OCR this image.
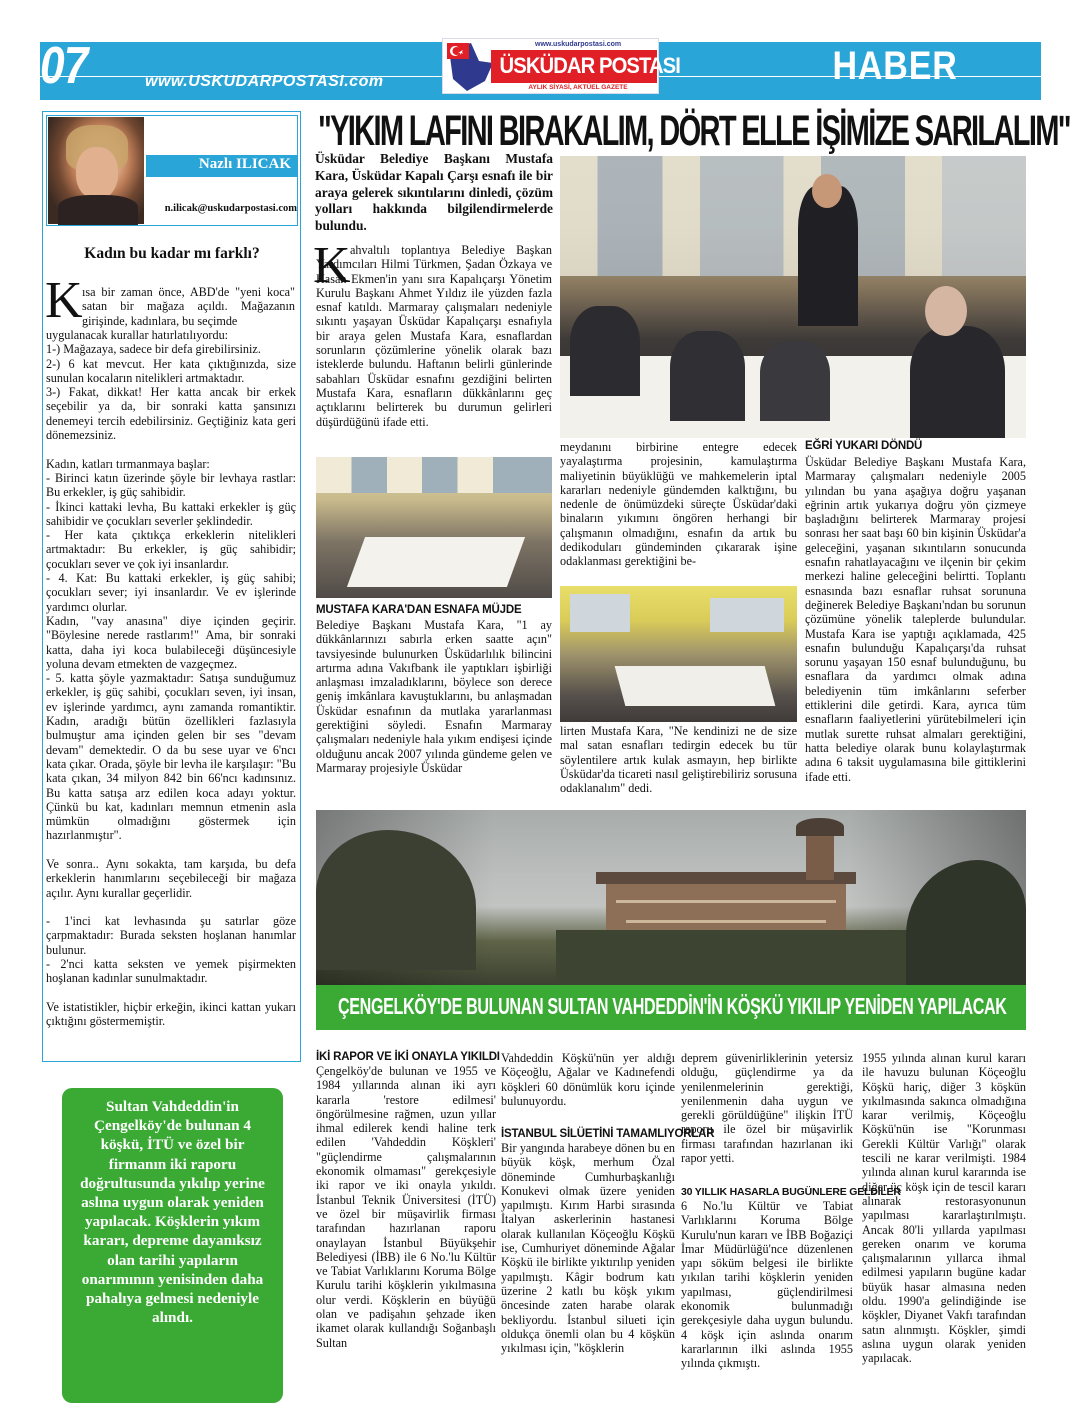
07	www.USKUDARPOSTASI.com
www.uskudarpostasi.com
ÜSKÜDAR POSTASI
AYLIK SİYASİ, AKTÜEL GAZETE	HABER
Nazlı ILICAK
n.ilicak@uskudarpostasi.com
Kadın bu kadar mı farklı?
K ısa bir zaman önce, ABD'de "yeni koca" satan bir mağaza açıldı. Mağazanın girişinde, kadınlara, bu seçimde
uygulanacak kurallar hatırlatılıyordu:
1-) Mağazaya, sadece bir defa girebilirsiniz.
2-) 6 kat mevcut. Her kata çıktığınızda, size sunulan kocaların nitelikleri artmaktadır.
3-) Fakat, dikkat! Her katta ancak bir erkek seçebilir ya da, bir sonraki katta şansınızı denemeyi tercih edebilirsiniz. Geçtiğiniz kata geri dönemezsiniz.

Kadın, katları tırmanmaya başlar:
- Birinci katın üzerinde şöyle bir levhaya rastlar: Bu erkekler, iş güç sahibidir.
- İkinci kattaki levha, Bu kattaki erkekler iş güç sahibidir ve çocukları severler şeklindedir.
- Her kata çıktıkça erkeklerin nitelikleri artmaktadır: Bu erkekler, iş güç sahibidir; çocukları sever ve çok iyi insanlardır.
- 4. Kat: Bu kattaki erkekler, iş güç sahibi; çocukları sever; iyi insanlardır. Ve ev işlerinde yardımcı olurlar.
Kadın, "vay anasına" diye içinden geçirir. "Böylesine nerede rastlarım!" Ama, bir sonraki katta, daha iyi koca bulabileceği düşüncesiyle yoluna devam etmekten de vazgeçmez.
- 5. katta şöyle yazmaktadır: Satışa sunduğumuz erkekler, iş güç sahibi, çocukları seven, iyi insan, ev işlerinde yardımcı, aynı zamanda romantiktir. Kadın, aradığı bütün özellikleri fazlasıyla bulmuştur ama içinden gelen bir ses "devam devam" demektedir. O da bu sese uyar ve 6'ncı kata çıkar. Orada, şöyle bir levha ile karşılaşır: "Bu kata çıkan, 34 milyon 842 bin 66'ncı kadınsınız. Bu katta satışa arz edilen koca adayı yoktur. Çünkü bu kat, kadınları memnun etmenin asla mümkün olmadığını göstermek için hazırlanmıştır".

Ve sonra.. Aynı sokakta, tam karşıda, bu defa erkeklerin hanımlarını seçebileceği bir mağaza açılır. Aynı kurallar geçerlidir.

- 1'inci kat levhasında şu satırlar göze çarpmaktadır: Burada seksten hoşlanan hanımlar bulunur.
- 2'nci katta seksten ve yemek pişirmekten hoşlanan kadınlar sunulmaktadır.

Ve istatistikler, hiçbir erkeğin, ikinci kattan yukarı çıktığını göstermemiştir.
Sultan Vahdeddin'in Çengelköy'de bulunan 4 köşkü, İTÜ ve özel bir firmanın iki raporu doğrultusunda yıkılıp yerine aslına uygun olarak yeniden yapılacak. Köşklerin yıkım kararı, depreme dayanıksız olan tarihi yapıların onarımının yenisinden daha pahalıya gelmesi nedeniyle alındı.
"YIKIM LAFINI BIRAKALIM, DÖRT ELLE İŞİMİZE SARILALIM"
Üsküdar Belediye Başkanı Mustafa Kara, Üsküdar Kapalı Çarşı esnafı ile bir araya gelerek sıkıntılarını dinledi, çözüm yolları hakkında bilgilendirmelerde bulundu.
K ahvaltılı toplantıya Belediye Başkan Yardımcıları Hilmi Türkmen, Şadan Özkaya ve Hasan Ekmen'in yanı sıra Kapalıçarşı Yönetim Kurulu Başkanı Ahmet Yıldız ile yüzden fazla esnaf katıldı. Marmaray çalışmaları nedeniyle sıkıntı yaşayan Üsküdar Kapalıçarşı esnafıyla bir araya gelen Mustafa Kara, esnaflardan sorunların çözümlerine yönelik olarak bazı isteklerde bulundu. Haftanın belirli günlerinde sabahları Üsküdar esnafını gezdiğini belirten Mustafa Kara, esnafların dükkânlarını geç açtıklarını belirterek bu durumun gelirleri düşürdüğünü ifade etti.
MUSTAFA KARA'DAN ESNAFA MÜJDE
Belediye Başkanı Mustafa Kara, "1 ay dükkânlarınızı sabırla erken saatte açın" tavsiyesinde bulunurken Üsküdarlılık bilincini artırma adına Vakıfbank ile yaptıkları işbirliği anlaşması imzaladıklarını, böylece son derece geniş imkânlara kavuştuklarını, bu anlaşmadan Üsküdar esnafının da mutlaka yararlanması gerektiğini söyledi. Esnafın Marmaray çalışmaları nedeniyle hala yıkım endişesi içinde olduğunu ancak 2007 yılında gündeme gelen ve Marmaray projesiyle Üsküdar
meydanını birbirine entegre edecek yayalaştırma projesinin, kamulaştırma maliyetinin büyüklüğü ve mahkemelerin iptal kararları nedeniyle gündemden kalktığını, bu nedenle de önümüzdeki süreçte Üsküdar'daki binaların yıkımını öngören herhangi bir çalışmanın olmadığını, esnafın da artık bu dedikoduları gündeminden çıkararak işine odaklanması gerektiğini be-
lirten Mustafa Kara, "Ne kendinizi ne de size mal satan esnafları tedirgin edecek bu tür söylentilere artık kulak asmayın, hep birlikte Üsküdar'da ticareti nasıl geliştirebiliriz sorusuna odaklanalım" dedi.
EĞRİ YUKARI DÖNDÜ
Üsküdar Belediye Başkanı Mustafa Kara, Marmaray çalışmaları nedeniyle 2005 yılından bu yana aşağıya doğru yaşanan eğrinin artık yukarıya doğru yön çizmeye başladığını belirterek Marmaray projesi sonrası her saat başı 60 bin kişinin Üsküdar'a geleceğini, yaşanan sıkıntıların sonucunda esnafın rahatlayacağını ve ilçenin bir çekim merkezi haline geleceğini belirtti. Toplantı esnasında bazı esnaflar ruhsat sorununa değinerek Belediye Başkanı'ndan bu sorunun çözümüne yönelik taleplerde bulundular. Mustafa Kara ise yaptığı açıklamada, 425 esnafın bulunduğu Kapalıçarşı'da ruhsat sorunu yaşayan 150 esnaf bulunduğunu, bu esnaflara da yardımcı olmak adına belediyenin tüm imkânlarını seferber ettiklerini dile getirdi. Kara, ayrıca tüm esnafların faaliyetlerini yürütebilmeleri için mutlak surette ruhsat almaları gerektiğini, hatta belediye olarak bunu kolaylaştırmak adına 6 taksit uygulamasına bile gittiklerini ifade etti.
ÇENGELKÖY'DE BULUNAN SULTAN VAHDEDDİN'İN KÖŞKÜ YIKILIP YENİDEN YAPILACAK
İKİ RAPOR VE İKİ ONAYLA YIKILDI
Çengelköy'de bulunan ve 1955 ve 1984 yıllarında alınan iki ayrı kararla 'restore edilmesi' öngörülmesine rağmen, uzun yıllar ihmal edilerek kendi haline terk edilen 'Vahdeddin Köşkleri' "güçlendirme çalışmalarının ekonomik olmaması" gerekçesiyle iki rapor ve iki onayla yıkıldı. İstanbul Teknik Üniversitesi (İTÜ) ve özel bir müşavirlik firması tarafından hazırlanan raporu onaylayan İstanbul Büyükşehir Belediyesi (İBB) ile 6 No.'lu Kültür ve Tabiat Varlıklarını Koruma Bölge Kurulu tarihi köşklerin yıkılmasına olur verdi. Köşklerin en büyüğü olan ve padişahın şehzade iken ikamet olarak kullandığı Soğanbaşlı Sultan
Vahdeddin Köşkü'nün yer aldığı Köçeoğlu, Ağalar ve Kadınefendi köşkleri 60 dönümlük koru içinde bulunuyordu.
İSTANBUL SİLÜETİNİ TAMAMLIYORLAR
Bir yangında harabeye dönen bu en büyük köşk, merhum Özal döneminde Cumhurbaşkanlığı Konukevi olmak üzere yeniden yapılmıştı. Kırım Harbi sırasında İtalyan askerlerinin hastanesi olarak kullanılan Köçeoğlu Köşkü ise, Cumhuriyet döneminde Ağalar Köşkü ile birlikte yıktırılıp yeniden yapılmıştı. Kâgir bodrum katı üzerine 2 katlı bu köşk yıkım öncesinde zaten harabe olarak bekliyordu. İstanbul silueti için oldukça önemli olan bu 4 köşkün yıkılması için, "köşklerin
deprem güvenirliklerinin yetersiz olduğu, güçlendirme ya da yenilenmelerinin gerektiği, yenilenmenin daha uygun ve gerekli görüldüğüne" ilişkin İTÜ raporu ile özel bir müşavirlik firması tarafından hazırlanan iki rapor yetti.
30 YILLIK HASARLA BUGÜNLERE GELDİLER
6 No.'lu Kültür ve Tabiat Varlıklarını Koruma Bölge Kurulu'nun kararı ve İBB Boğaziçi İmar Müdürlüğü'nce düzenlenen yapı söküm belgesi ile birlikte yıkılan tarihi köşklerin yeniden yapılması, güçlendirilmesi ekonomik bulunmadığı gerekçesiyle daha uygun bulundu. 4 köşk için aslında onarım kararlarının ilki aslında 1955 yılında çıkmıştı.
1955 yılında alınan kurul kararı ile havuzu bulunan Köçeoğlu Köşkü hariç, diğer 3 köşkün yıkılmasında sakınca olmadığına karar verilmiş, Köçeoğlu Köşkü'nün ise "Korunması Gerekli Kültür Varlığı" olarak tescili ne karar verilmişti. 1984 yılında alınan kurul kararında ise diğer üç köşk için de tescil kararı alınarak restorasyonunun yapılması kararlaştırılmıştı. Ancak 80'li yıllarda yapılması gereken onarım ve koruma çalışmalarının yıllarca ihmal edilmesi yapıların bugüne kadar büyük hasar almasına neden oldu. 1990'a gelindiğinde ise köşkler, Diyanet Vakfı tarafından satın alınmıştı. Köşkler, şimdi aslına uygun olarak yeniden yapılacak.
